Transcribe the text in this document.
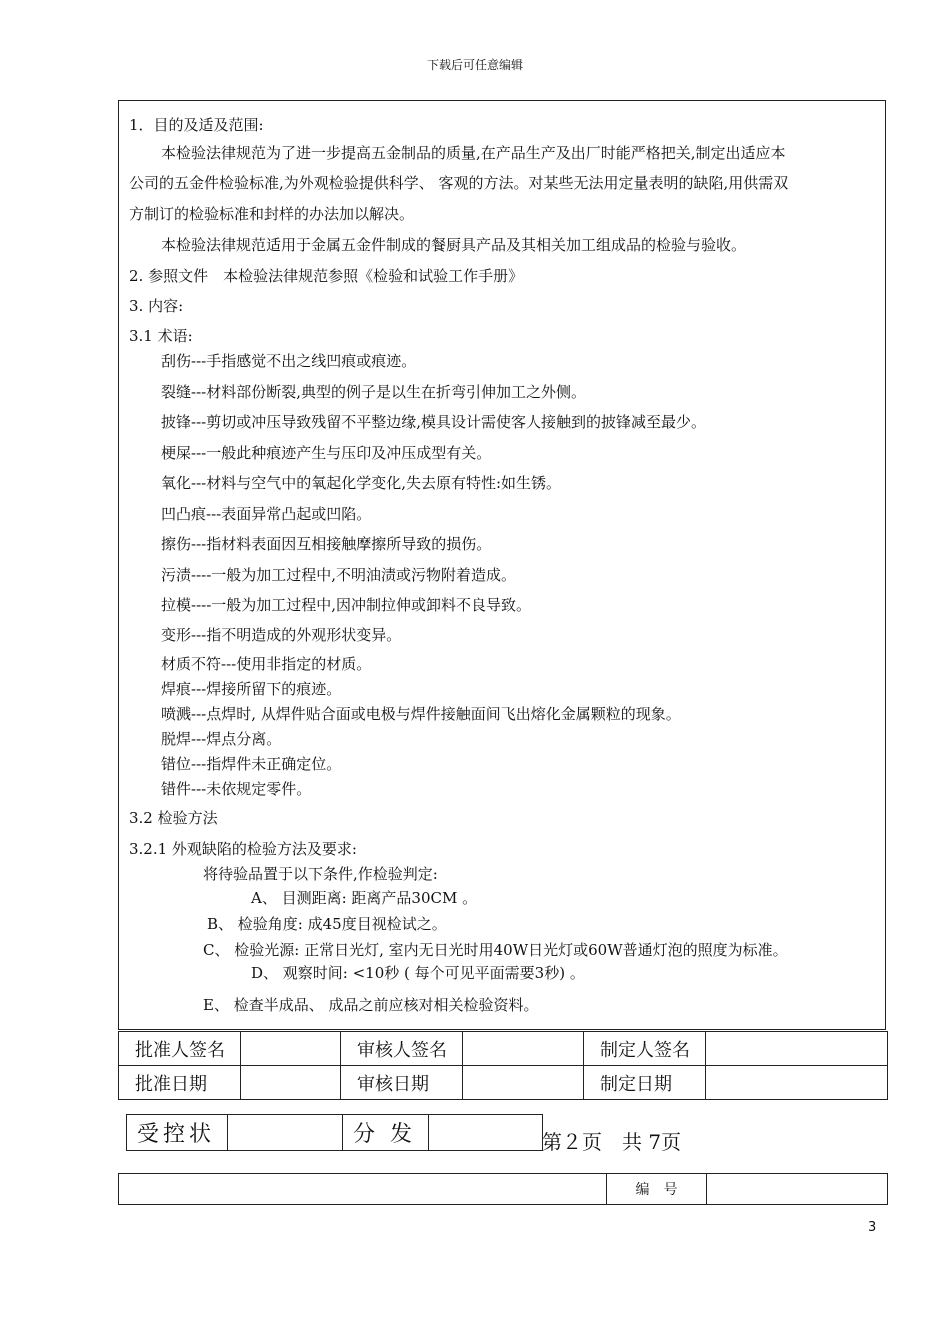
下载后可任意编辑
1．目的及适及范围:
本检验法律规范为了进一步提高五金制品的质量,在产品生产及出厂时能严格把关,制定出适应本
公司的五金件检验标准,为外观检验提供科学、 客观的方法。对某些无法用定量表明的缺陷,用供需双
方制订的检验标准和封样的办法加以解决。
本检验法律规范适用于金属五金件制成的餐厨具产品及其相关加工组成品的检验与验收。
2. 参照文件　本检验法律规范参照《检验和试验工作手册》
3. 内容:
3.1 术语:
刮伤---手指感觉不出之线凹痕或痕迹。
裂缝---材料部份断裂,典型的例子是以生在折弯引伸加工之外侧。
披锋---剪切或冲压导致残留不平整边缘,模具设计需使客人接触到的披锋减至最少。
梗屎---一般此种痕迹产生与压印及冲压成型有关。
氧化---材料与空气中的氧起化学变化,失去原有特性:如生锈。
凹凸痕---表面异常凸起或凹陷。
擦伤---指材料表面因互相接触摩擦所导致的损伤。
污渍----一般为加工过程中,不明油渍或污物附着造成。
拉模----一般为加工过程中,因冲制拉伸或卸料不良导致。
变形---指不明造成的外观形状变异。
材质不符---使用非指定的材质。
焊痕---焊接所留下的痕迹。
喷溅---点焊时, 从焊件贴合面或电极与焊件接触面间飞出熔化金属颗粒的现象。
脱焊---焊点分离。
错位---指焊件未正确定位。
错件---未依规定零件。
3.2 检验方法
3.2.1 外观缺陷的检验方法及要求:
将待验品置于以下条件,作检验判定:
A、 目测距离: 距离产品30CM 。
B、 检验角度: 成45度目视检试之。
C、 检验光源: 正常日光灯, 室内无日光时用40W日光灯或60W普通灯泡的照度为标准。
D、 观察时间: <10秒 ( 每个可见平面需要3秒) 。
E、 检查半成品、 成品之前应核对相关检验资料。
批准人签名		审核人签名		制定人签名	
批准日期		审核日期		制定日期	
受控状		分 发		第２页　共 7页
	编　号	
3
